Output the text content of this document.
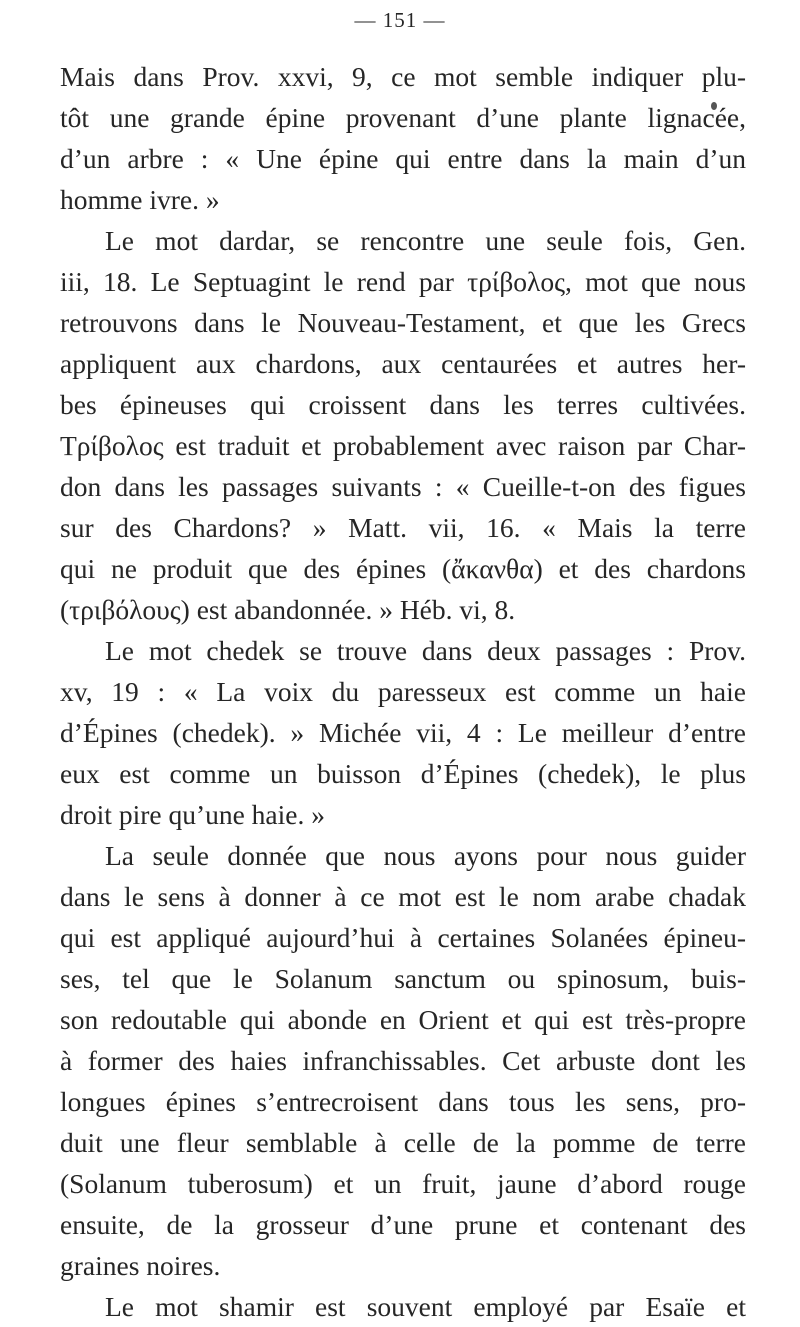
— 151 —
Mais dans Prov. xxvi, 9, ce mot semble indiquer plu-
tôt une grande épine provenant d’une plante lignacée,
d’un arbre : « Une épine qui entre dans la main d’un
homme ivre. »
Le mot dardar, se rencontre une seule fois, Gen.
iii, 18. Le Septuagint le rend par τρίβολος, mot que nous
retrouvons dans le Nouveau-Testament, et que les Grecs
appliquent aux chardons, aux centaurées et autres her-
bes épineuses qui croissent dans les terres cultivées.
Τρίβολος est traduit et probablement avec raison par Char-
don dans les passages suivants : « Cueille-t-on des figues
sur des Chardons? » Matt. vii, 16. « Mais la terre
qui ne produit que des épines (ἄκανθα) et des chardons
(τριβόλους) est abandonnée. » Héb. vi, 8.
Le mot chedek se trouve dans deux passages : Prov.
xv, 19 : « La voix du paresseux est comme un haie
d’Épines (chedek). » Michée vii, 4 : Le meilleur d’entre
eux est comme un buisson d’Épines (chedek), le plus
droit pire qu’une haie. »
La seule donnée que nous ayons pour nous guider
dans le sens à donner à ce mot est le nom arabe chadak
qui est appliqué aujourd’hui à certaines Solanées épineu-
ses, tel que le Solanum sanctum ou spinosum, buis-
son redoutable qui abonde en Orient et qui est très-propre
à former des haies infranchissables. Cet arbuste dont les
longues épines s’entrecroisent dans tous les sens, pro-
duit une fleur semblable à celle de la pomme de terre
(Solanum tuberosum) et un fruit, jaune d’abord rouge
ensuite, de la grosseur d’une prune et contenant des
graines noires.
Le mot shamir est souvent employé par Esaïe et
